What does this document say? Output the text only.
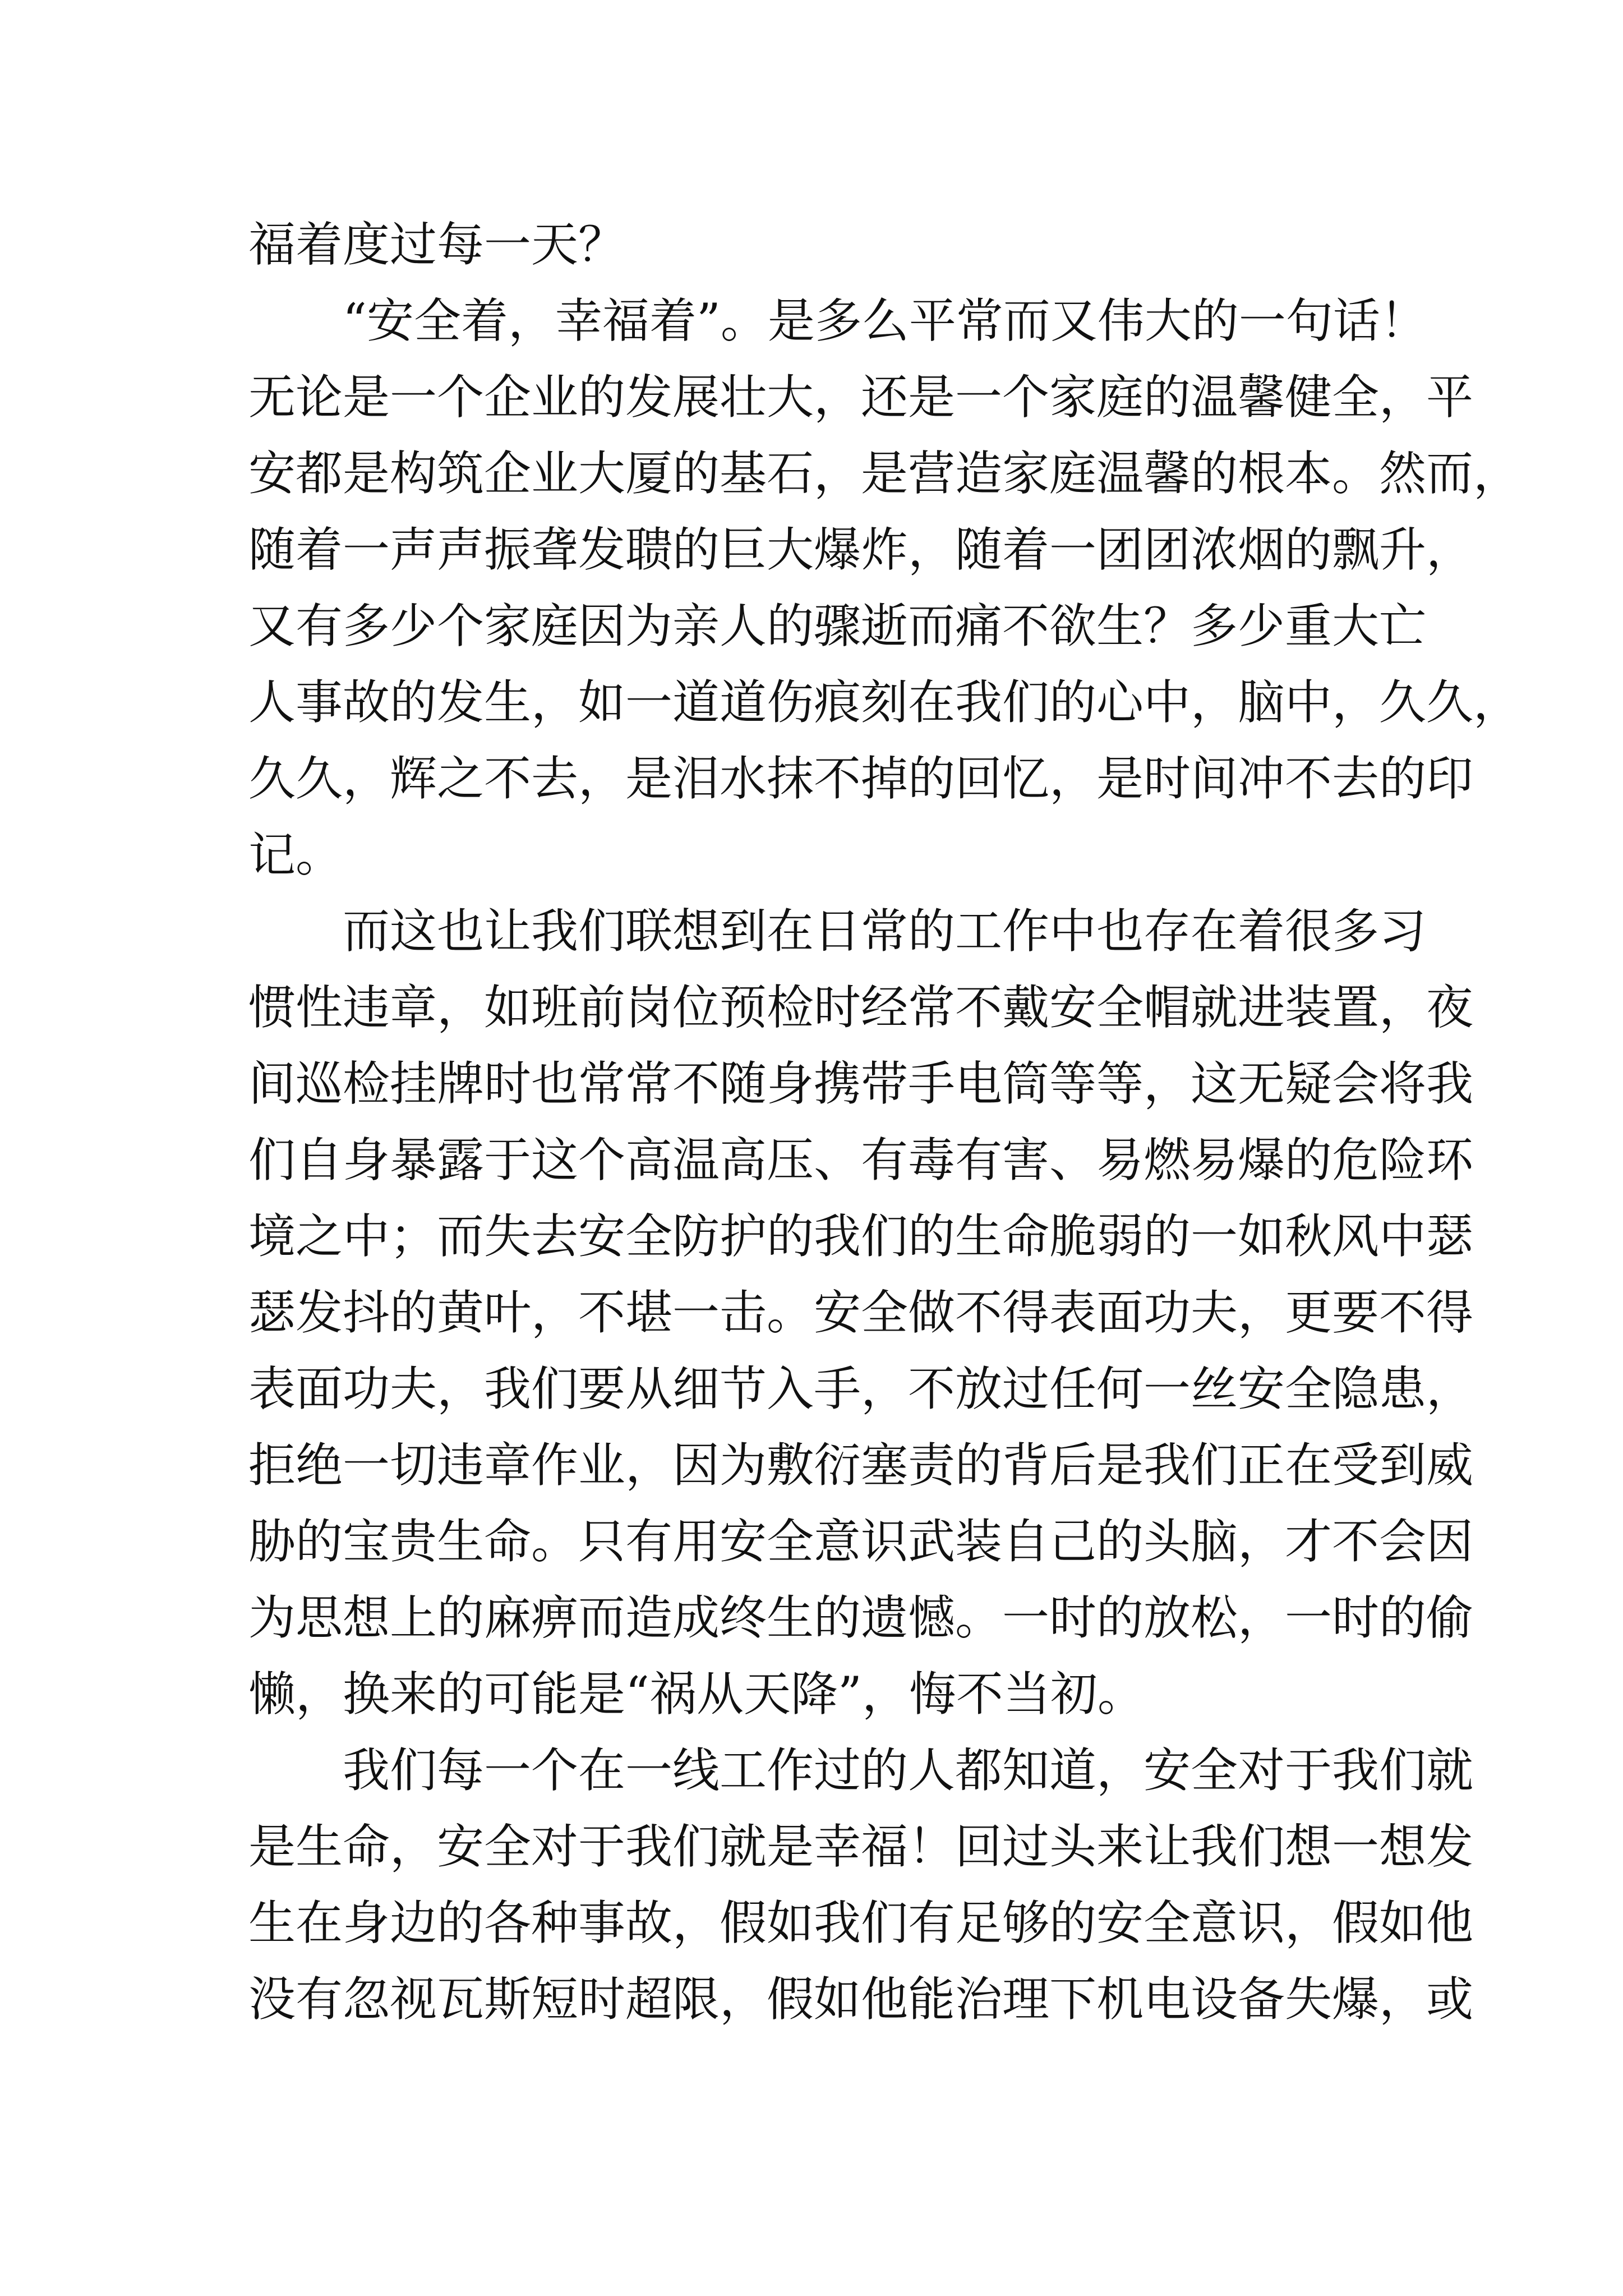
福着度过每一天？
“安全着，幸福着”。是多么平常而又伟大的一句话！
无论是一个企业的发展壮大，还是一个家庭的温馨健全，平
安都是构筑企业大厦的基石，是营造家庭温馨的根本。然而，
随着一声声振聋发聩的巨大爆炸，随着一团团浓烟的飘升，
又有多少个家庭因为亲人的骤逝而痛不欲生？多少重大亡
人事故的发生，如一道道伤痕刻在我们的心中，脑中，久久，
久久，辉之不去，是泪水抹不掉的回忆，是时间冲不去的印
记。
而这也让我们联想到在日常的工作中也存在着很多习
惯性违章，如班前岗位预检时经常不戴安全帽就进装置，夜
间巡检挂牌时也常常不随身携带手电筒等等，这无疑会将我
们自身暴露于这个高温高压、有毒有害、易燃易爆的危险环
境之中；而失去安全防护的我们的生命脆弱的一如秋风中瑟
瑟发抖的黄叶，不堪一击。安全做不得表面功夫，更要不得
表面功夫，我们要从细节入手，不放过任何一丝安全隐患，
拒绝一切违章作业，因为敷衍塞责的背后是我们正在受到威
胁的宝贵生命。只有用安全意识武装自己的头脑，才不会因
为思想上的麻痹而造成终生的遗憾。一时的放松，一时的偷
懒，换来的可能是“祸从天降”，悔不当初。
我们每一个在一线工作过的人都知道，安全对于我们就
是生命，安全对于我们就是幸福！回过头来让我们想一想发
生在身边的各种事故，假如我们有足够的安全意识，假如他
没有忽视瓦斯短时超限，假如他能治理下机电设备失爆，或
